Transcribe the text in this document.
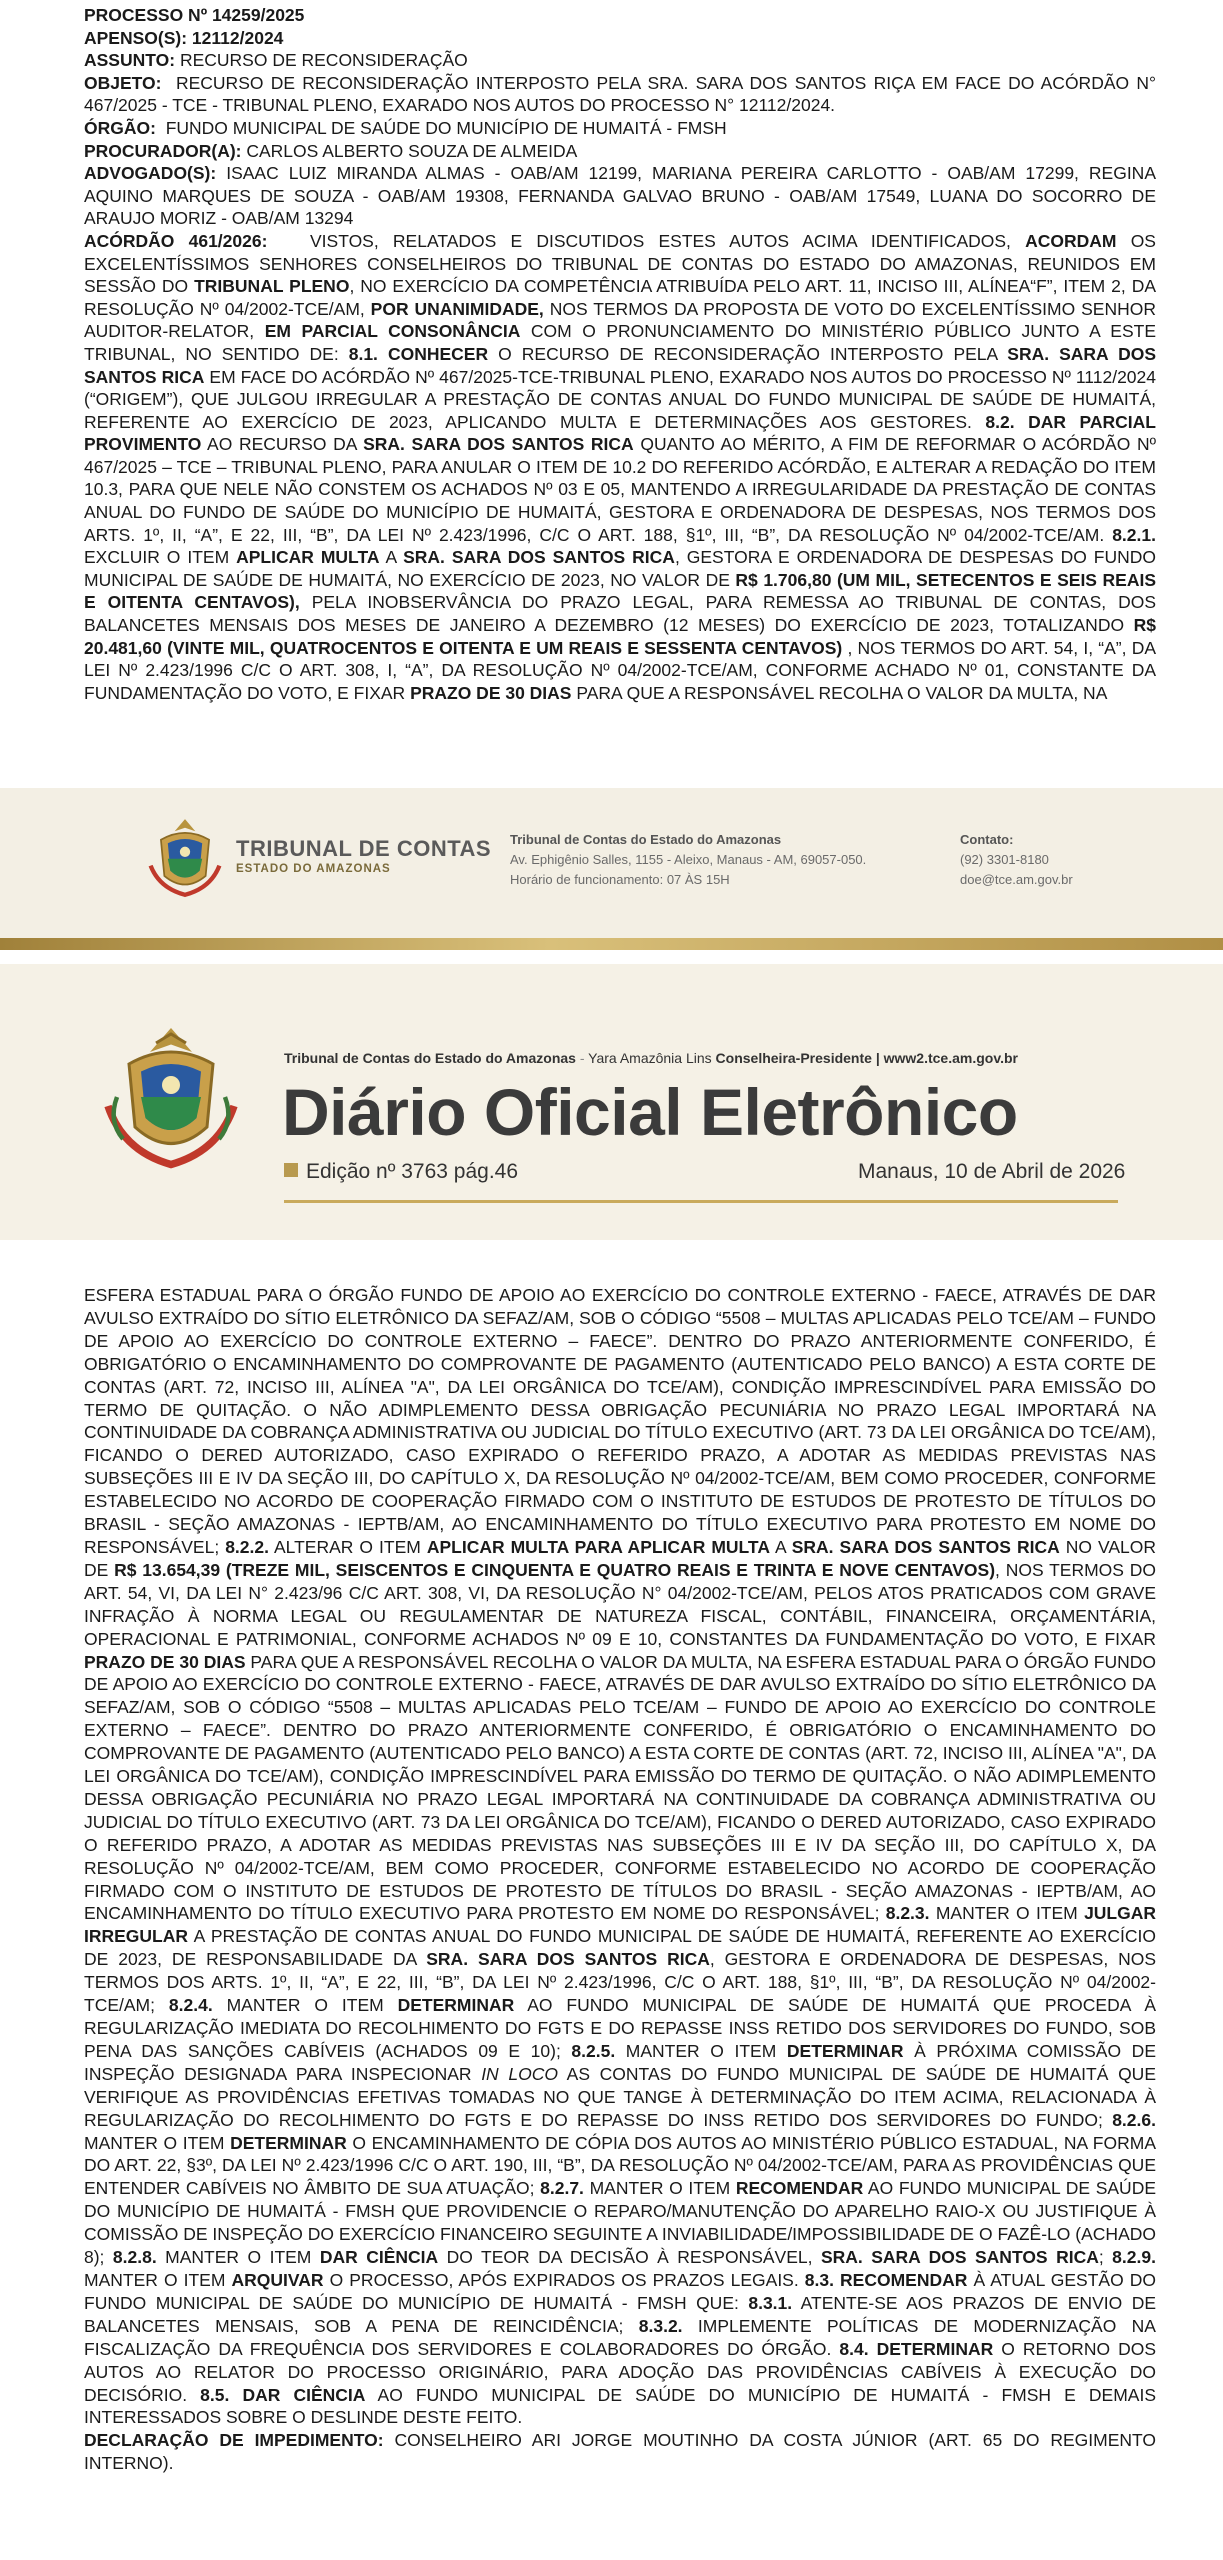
PROCESSO Nº 14259/2025

APENSO(S): 12112/2024

ASSUNTO: RECURSO DE RECONSIDERAÇÃO

OBJETO: RECURSO DE RECONSIDERAÇÃO INTERPOSTO PELA SRA. SARA DOS SANTOS RIÇA EM FACE DO ACÓRDÃO N° 467/2025 - TCE - TRIBUNAL PLENO, EXARADO NOS AUTOS DO PROCESSO N° 12112/2024.

ÓRGÃO: FUNDO MUNICIPAL DE SAÚDE DO MUNICÍPIO DE HUMAITÁ - FMSH

PROCURADOR(A): CARLOS ALBERTO SOUZA DE ALMEIDA

ADVOGADO(S): ISAAC LUIZ MIRANDA ALMAS - OAB/AM 12199, MARIANA PEREIRA CARLOTTO - OAB/AM 17299, REGINA AQUINO MARQUES DE SOUZA - OAB/AM 19308, FERNANDA GALVAO BRUNO - OAB/AM 17549, LUANA DO SOCORRO DE ARAUJO MORIZ - OAB/AM 13294

ACÓRDÃO 461/2026:   VISTOS, RELATADOS E DISCUTIDOS ESTES AUTOS ACIMA IDENTIFICADOS, ACORDAM OS EXCELENTÍSSIMOS SENHORES CONSELHEIROS DO TRIBUNAL DE CONTAS DO ESTADO DO AMAZONAS, REUNIDOS EM SESSÃO DO TRIBUNAL PLENO, NO EXERCÍCIO DA COMPETÊNCIA ATRIBUÍDA PELO ART. 11, INCISO III, ALÍNEA“F”, ITEM 2, DA RESOLUÇÃO Nº 04/2002-TCE/AM, POR UNANIMIDADE, NOS TERMOS DA PROPOSTA DE VOTO DO EXCELENTÍSSIMO SENHOR AUDITOR-RELATOR, EM PARCIAL CONSONÂNCIA COM O PRONUNCIAMENTO DO MINISTÉRIO PÚBLICO JUNTO A ESTE TRIBUNAL, NO SENTIDO DE: 8.1. CONHECER O RECURSO DE RECONSIDERAÇÃO INTERPOSTO PELA SRA. SARA DOS SANTOS RICA EM FACE DO ACÓRDÃO Nº 467/2025-TCE-TRIBUNAL PLENO, EXARADO NOS AUTOS DO PROCESSO Nº 1112/2024 (“ORIGEM”), QUE JULGOU IRREGULAR A PRESTAÇÃO DE CONTAS ANUAL DO FUNDO MUNICIPAL DE SAÚDE DE HUMAITÁ, REFERENTE AO EXERCÍCIO DE 2023, APLICANDO MULTA E DETERMINAÇÕES AOS GESTORES. 8.2. DAR PARCIAL PROVIMENTO AO RECURSO DA SRA. SARA DOS SANTOS RICA QUANTO AO MÉRITO, A FIM DE REFORMAR O ACÓRDÃO Nº 467/2025 – TCE – TRIBUNAL PLENO, PARA ANULAR O ITEM DE 10.2 DO REFERIDO ACÓRDÃO, E ALTERAR A REDAÇÃO DO ITEM 10.3, PARA QUE NELE NÃO CONSTEM OS ACHADOS Nº 03 E 05, MANTENDO A IRREGULARIDADE DA PRESTAÇÃO DE CONTAS ANUAL DO FUNDO DE SAÚDE DO MUNICÍPIO DE HUMAITÁ, GESTORA E ORDENADORA DE DESPESAS, NOS TERMOS DOS ARTS. 1º, II, “A”, E 22, III, “B”, DA LEI Nº 2.423/1996, C/C O ART. 188, §1º, III, “B”, DA RESOLUÇÃO Nº 04/2002-TCE/AM. 8.2.1. EXCLUIR O ITEM APLICAR MULTA A SRA. SARA DOS SANTOS RICA, GESTORA E ORDENADORA DE DESPESAS DO FUNDO MUNICIPAL DE SAÚDE DE HUMAITÁ, NO EXERCÍCIO DE 2023, NO VALOR DE R$ 1.706,80 (UM MIL, SETECENTOS E SEIS REAIS E OITENTA CENTAVOS), PELA INOBSERVÂNCIA DO PRAZO LEGAL, PARA REMESSA AO TRIBUNAL DE CONTAS, DOS BALANCETES MENSAIS DOS MESES DE JANEIRO A DEZEMBRO (12 MESES) DO EXERCÍCIO DE 2023, TOTALIZANDO R$ 20.481,60 (VINTE MIL, QUATROCENTOS E OITENTA E UM REAIS E SESSENTA CENTAVOS) , NOS TERMOS DO ART. 54, I, “A”, DA LEI Nº 2.423/1996 C/C O ART. 308, I, “A”, DA RESOLUÇÃO Nº 04/2002-TCE/AM, CONFORME ACHADO Nº 01, CONSTANTE DA FUNDAMENTAÇÃO DO VOTO, E FIXAR PRAZO DE 30 DIAS PARA QUE A RESPONSÁVEL RECOLHA O VALOR DA MULTA, NA

TRIBUNAL DE CONTAS
ESTADO DO AMAZONAS
Tribunal de Contas do Estado do Amazonas
Av. Ephigênio Salles, 1155 - Aleixo, Manaus - AM, 69057-050.
Horário de funcionamento: 07 ÀS 15H
Contato:
(92) 3301-8180
doe@tce.am.gov.br
Tribunal de Contas do Estado do Amazonas - Yara Amazônia Lins Conselheira-Presidente | www2.tce.am.gov.br
Diário Oficial Eletrônico
Edição nº 3763 pág.46	Manaus, 10 de Abril de 2026

ESFERA ESTADUAL PARA O ÓRGÃO FUNDO DE APOIO AO EXERCÍCIO DO CONTROLE EXTERNO - FAECE, ATRAVÉS DE DAR AVULSO EXTRAÍDO DO SÍTIO ELETRÔNICO DA SEFAZ/AM, SOB O CÓDIGO “5508 – MULTAS APLICADAS PELO TCE/AM – FUNDO DE APOIO AO EXERCÍCIO DO CONTROLE EXTERNO – FAECE”. DENTRO DO PRAZO ANTERIORMENTE CONFERIDO, É OBRIGATÓRIO O ENCAMINHAMENTO DO COMPROVANTE DE PAGAMENTO (AUTENTICADO PELO BANCO) A ESTA CORTE DE CONTAS (ART. 72, INCISO III, ALÍNEA "A", DA LEI ORGÂNICA DO TCE/AM), CONDIÇÃO IMPRESCINDÍVEL PARA EMISSÃO DO TERMO DE QUITAÇÃO. O NÃO ADIMPLEMENTO DESSA OBRIGAÇÃO PECUNIÁRIA NO PRAZO LEGAL IMPORTARÁ NA CONTINUIDADE DA COBRANÇA ADMINISTRATIVA OU JUDICIAL DO TÍTULO EXECUTIVO (ART. 73 DA LEI ORGÂNICA DO TCE/AM), FICANDO O DERED AUTORIZADO, CASO EXPIRADO O REFERIDO PRAZO, A ADOTAR AS MEDIDAS PREVISTAS NAS SUBSEÇÕES III E IV DA SEÇÃO III, DO CAPÍTULO X, DA RESOLUÇÃO Nº 04/2002-TCE/AM, BEM COMO PROCEDER, CONFORME ESTABELECIDO NO ACORDO DE COOPERAÇÃO FIRMADO COM O INSTITUTO DE ESTUDOS DE PROTESTO DE TÍTULOS DO BRASIL - SEÇÃO AMAZONAS - IEPTB/AM, AO ENCAMINHAMENTO DO TÍTULO EXECUTIVO PARA PROTESTO EM NOME DO RESPONSÁVEL; 8.2.2. ALTERAR O ITEM APLICAR MULTA PARA APLICAR MULTA A SRA. SARA DOS SANTOS RICA NO VALOR DE R$ 13.654,39 (TREZE MIL, SEISCENTOS E CINQUENTA E QUATRO REAIS E TRINTA E NOVE CENTAVOS), NOS TERMOS DO ART. 54, VI, DA LEI N° 2.423/96 C/C ART. 308, VI, DA RESOLUÇÃO N° 04/2002-TCE/AM, PELOS ATOS PRATICADOS COM GRAVE INFRAÇÃO À NORMA LEGAL OU REGULAMENTAR DE NATUREZA FISCAL, CONTÁBIL, FINANCEIRA, ORÇAMENTÁRIA, OPERACIONAL E PATRIMONIAL, CONFORME ACHADOS Nº 09 E 10, CONSTANTES DA FUNDAMENTAÇÃO DO VOTO, E FIXAR PRAZO DE 30 DIAS PARA QUE A RESPONSÁVEL RECOLHA O VALOR DA MULTA, NA ESFERA ESTADUAL PARA O ÓRGÃO FUNDO DE APOIO AO EXERCÍCIO DO CONTROLE EXTERNO - FAECE, ATRAVÉS DE DAR AVULSO EXTRAÍDO DO SÍTIO ELETRÔNICO DA SEFAZ/AM, SOB O CÓDIGO “5508 – MULTAS APLICADAS PELO TCE/AM – FUNDO DE APOIO AO EXERCÍCIO DO CONTROLE EXTERNO – FAECE”. DENTRO DO PRAZO ANTERIORMENTE CONFERIDO, É OBRIGATÓRIO O ENCAMINHAMENTO DO COMPROVANTE DE PAGAMENTO (AUTENTICADO PELO BANCO) A ESTA CORTE DE CONTAS (ART. 72, INCISO III, ALÍNEA "A", DA LEI ORGÂNICA DO TCE/AM), CONDIÇÃO IMPRESCINDÍVEL PARA EMISSÃO DO TERMO DE QUITAÇÃO. O NÃO ADIMPLEMENTO DESSA OBRIGAÇÃO PECUNIÁRIA NO PRAZO LEGAL IMPORTARÁ NA CONTINUIDADE DA COBRANÇA ADMINISTRATIVA OU JUDICIAL DO TÍTULO EXECUTIVO (ART. 73 DA LEI ORGÂNICA DO TCE/AM), FICANDO O DERED AUTORIZADO, CASO EXPIRADO O REFERIDO PRAZO, A ADOTAR AS MEDIDAS PREVISTAS NAS SUBSEÇÕES III E IV DA SEÇÃO III, DO CAPÍTULO X, DA RESOLUÇÃO Nº 04/2002-TCE/AM, BEM COMO PROCEDER, CONFORME ESTABELECIDO NO ACORDO DE COOPERAÇÃO FIRMADO COM O INSTITUTO DE ESTUDOS DE PROTESTO DE TÍTULOS DO BRASIL - SEÇÃO AMAZONAS - IEPTB/AM, AO ENCAMINHAMENTO DO TÍTULO EXECUTIVO PARA PROTESTO EM NOME DO RESPONSÁVEL; 8.2.3. MANTER O ITEM JULGAR IRREGULAR A PRESTAÇÃO DE CONTAS ANUAL DO FUNDO MUNICIPAL DE SAÚDE DE HUMAITÁ, REFERENTE AO EXERCÍCIO DE 2023, DE RESPONSABILIDADE DA SRA. SARA DOS SANTOS RICA, GESTORA E ORDENADORA DE DESPESAS, NOS TERMOS DOS ARTS. 1º, II, “A”, E 22, III, “B”, DA LEI Nº 2.423/1996, C/C O ART. 188, §1º, III, “B”, DA RESOLUÇÃO Nº 04/2002-TCE/AM; 8.2.4. MANTER O ITEM DETERMINAR AO FUNDO MUNICIPAL DE SAÚDE DE HUMAITÁ QUE PROCEDA À REGULARIZAÇÃO IMEDIATA DO RECOLHIMENTO DO FGTS E DO REPASSE INSS RETIDO DOS SERVIDORES DO FUNDO, SOB PENA DAS SANÇÕES CABÍVEIS (ACHADOS 09 E 10); 8.2.5. MANTER O ITEM DETERMINAR À PRÓXIMA COMISSÃO DE INSPEÇÃO DESIGNADA PARA INSPECIONAR IN LOCO AS CONTAS DO FUNDO MUNICIPAL DE SAÚDE DE HUMAITÁ QUE VERIFIQUE AS PROVIDÊNCIAS EFETIVAS TOMADAS NO QUE TANGE À DETERMINAÇÃO DO ITEM ACIMA, RELACIONADA À REGULARIZAÇÃO DO RECOLHIMENTO DO FGTS E DO REPASSE DO INSS RETIDO DOS SERVIDORES DO FUNDO; 8.2.6. MANTER O ITEM DETERMINAR O ENCAMINHAMENTO DE CÓPIA DOS AUTOS AO MINISTÉRIO PÚBLICO ESTADUAL, NA FORMA DO ART. 22, §3º, DA LEI Nº 2.423/1996 C/C O ART. 190, III, “B”, DA RESOLUÇÃO Nº 04/2002-TCE/AM, PARA AS PROVIDÊNCIAS QUE ENTENDER CABÍVEIS NO ÂMBITO DE SUA ATUAÇÃO; 8.2.7. MANTER O ITEM RECOMENDAR AO FUNDO MUNICIPAL DE SAÚDE DO MUNICÍPIO DE HUMAITÁ - FMSH QUE PROVIDENCIE O REPARO/MANUTENÇÃO DO APARELHO RAIO-X OU JUSTIFIQUE À COMISSÃO DE INSPEÇÃO DO EXERCÍCIO FINANCEIRO SEGUINTE A INVIABILIDADE/IMPOSSIBILIDADE DE O FAZÊ-LO (ACHADO 8); 8.2.8. MANTER O ITEM DAR CIÊNCIA DO TEOR DA DECISÃO À RESPONSÁVEL, SRA. SARA DOS SANTOS RICA; 8.2.9. MANTER O ITEM ARQUIVAR O PROCESSO, APÓS EXPIRADOS OS PRAZOS LEGAIS. 8.3. RECOMENDAR À ATUAL GESTÃO DO FUNDO MUNICIPAL DE SAÚDE DO MUNICÍPIO DE HUMAITÁ - FMSH QUE: 8.3.1. ATENTE-SE AOS PRAZOS DE ENVIO DE BALANCETES MENSAIS, SOB A PENA DE REINCIDÊNCIA; 8.3.2. IMPLEMENTE POLÍTICAS DE MODERNIZAÇÃO NA FISCALIZAÇÃO DA FREQUÊNCIA DOS SERVIDORES E COLABORADORES DO ÓRGÃO. 8.4. DETERMINAR O RETORNO DOS AUTOS AO RELATOR DO PROCESSO ORIGINÁRIO, PARA ADOÇÃO DAS PROVIDÊNCIAS CABÍVEIS À EXECUÇÃO DO DECISÓRIO. 8.5. DAR CIÊNCIA AO FUNDO MUNICIPAL DE SAÚDE DO MUNICÍPIO DE HUMAITÁ - FMSH E DEMAIS INTERESSADOS SOBRE O DESLINDE DESTE FEITO.

DECLARAÇÃO DE IMPEDIMENTO: CONSELHEIRO ARI JORGE MOUTINHO DA COSTA JÚNIOR (ART. 65 DO REGIMENTO INTERNO).
